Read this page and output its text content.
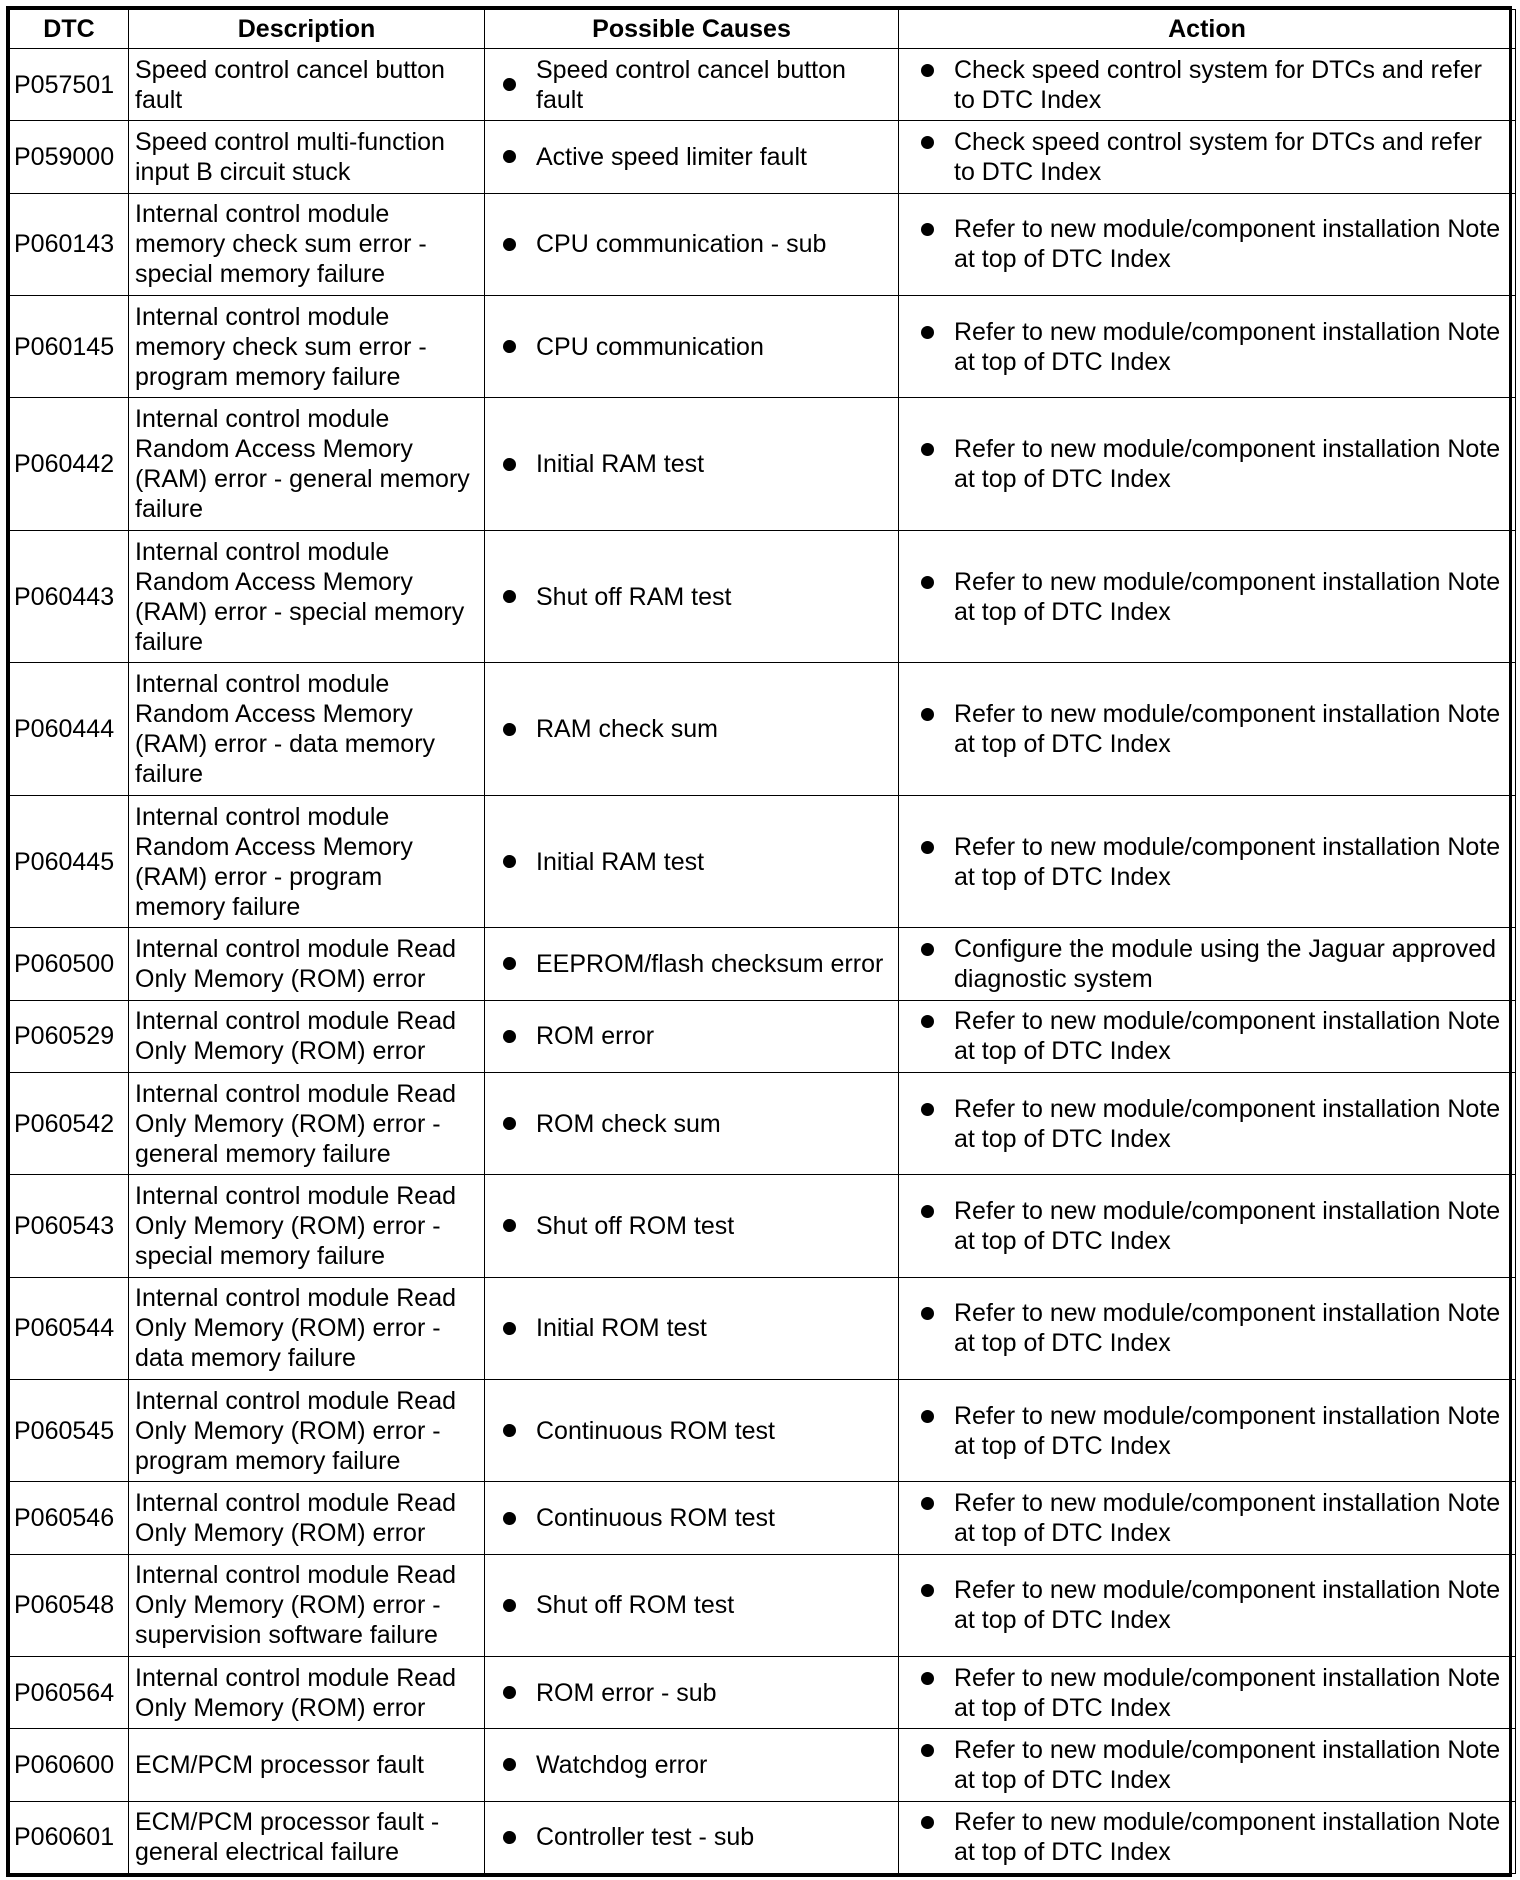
DTC	Description	Possible Causes	Action
P057501	Speed control cancel button fault	Speed control cancel button fault	Check speed control system for DTCs and refer to DTC Index

P059000	Speed control multi-function input B circuit stuck	Active speed limiter fault	Check speed control system for DTCs and refer to DTC Index

P060143	Internal control module memory check sum error - special memory failure	CPU communication - sub	Refer to new module/component installation Note at top of DTC Index

P060145	Internal control module memory check sum error - program memory failure	CPU communication	Refer to new module/component installation Note at top of DTC Index

P060442	Internal control module Random Access Memory (RAM) error - general memory failure	Initial RAM test	Refer to new module/component installation Note at top of DTC Index

P060443	Internal control module Random Access Memory (RAM) error - special memory failure	Shut off RAM test	Refer to new module/component installation Note at top of DTC Index

P060444	Internal control module Random Access Memory (RAM) error - data memory failure	RAM check sum	Refer to new module/component installation Note at top of DTC Index

P060445	Internal control module Random Access Memory (RAM) error - program memory failure	Initial RAM test	Refer to new module/component installation Note at top of DTC Index

P060500	Internal control module Read Only Memory (ROM) error	EEPROM/flash checksum error	Configure the module using the Jaguar approved diagnostic system

P060529	Internal control module Read Only Memory (ROM) error	ROM error	Refer to new module/component installation Note at top of DTC Index

P060542	Internal control module Read Only Memory (ROM) error - general memory failure	ROM check sum	Refer to new module/component installation Note at top of DTC Index

P060543	Internal control module Read Only Memory (ROM) error - special memory failure	Shut off ROM test	Refer to new module/component installation Note at top of DTC Index

P060544	Internal control module Read Only Memory (ROM) error - data memory failure	Initial ROM test	Refer to new module/component installation Note at top of DTC Index

P060545	Internal control module Read Only Memory (ROM) error - program memory failure	Continuous ROM test	Refer to new module/component installation Note at top of DTC Index

P060546	Internal control module Read Only Memory (ROM) error	Continuous ROM test	Refer to new module/component installation Note at top of DTC Index

P060548	Internal control module Read Only Memory (ROM) error - supervision software failure	Shut off ROM test	Refer to new module/component installation Note at top of DTC Index

P060564	Internal control module Read Only Memory (ROM) error	ROM error - sub	Refer to new module/component installation Note at top of DTC Index

P060600	ECM/PCM processor fault	Watchdog error	Refer to new module/component installation Note at top of DTC Index

P060601	ECM/PCM processor fault - general electrical failure	Controller test - sub	Refer to new module/component installation Note at top of DTC Index
